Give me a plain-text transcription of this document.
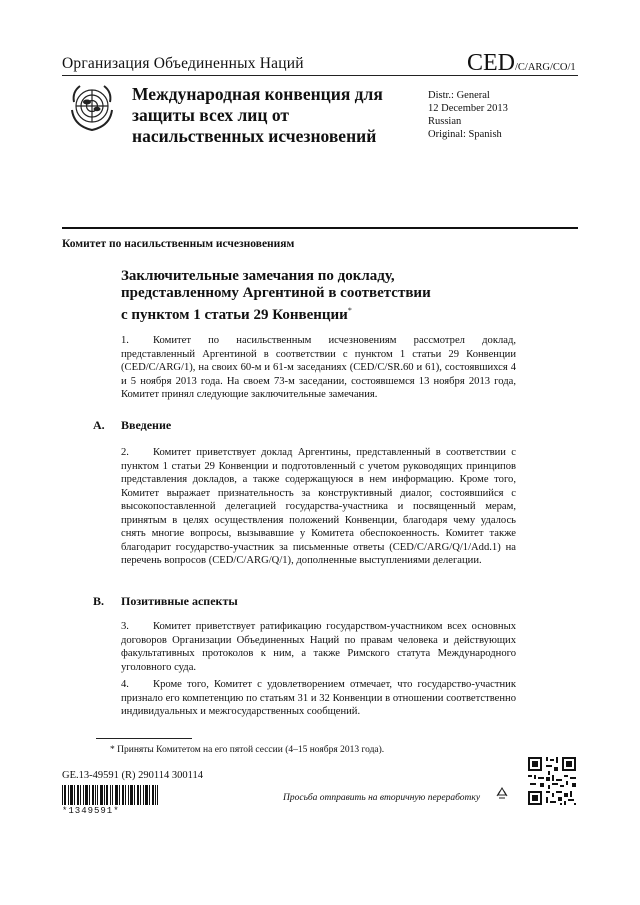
Организация Объединенных Наций	CED/C/ARG/CO/1
Международная конвенция для защиты всех лиц от насильственных исчезновений
Distr.: General
12 December 2013
Russian
Original: Spanish
Комитет по насильственным исчезновениям
Заключительные замечания по докладу,
представленному Аргентиной в соответствии
с пунктом 1 статьи 29 Конвенции*
1. Комитет по насильственным исчезновениям рассмотрел доклад, представленный Аргентиной в соответствии с пунктом 1 статьи 29 Конвенции (CED/C/ARG/1), на своих 60-м и 61-м заседаниях (CED/C/SR.60 и 61), состоявшихся 4 и 5 ноября 2013 года. На своем 73-м заседании, состоявшемся 13 ноября 2013 года, Комитет принял следующие заключительные замечания.
A. Введение
2. Комитет приветствует доклад Аргентины, представленный в соответствии с пунктом 1 статьи 29 Конвенции и подготовленный с учетом руководящих принципов представления докладов, а также содержащуюся в нем информацию. Кроме того, Комитет выражает признательность за конструктивный диалог, состоявшийся с высокопоставленной делегацией государства-участника и посвященный мерам, принятым в целях осуществления положений Конвенции, благодаря чему удалось снять многие вопросы, вызывавшие у Комитета обеспокоенность. Комитет также благодарит государство-участник за письменные ответы (CED/C/ARG/Q/1/Add.1) на перечень вопросов (CED/C/ARG/Q/1), дополненные выступлениями делегации.
B. Позитивные аспекты
3. Комитет приветствует ратификацию государством-участником всех основных договоров Организации Объединенных Наций по правам человека и действующих факультативных протоколов к ним, а также Римского статута Международного уголовного суда.
4. Кроме того, Комитет с удовлетворением отмечает, что государство-участник признало его компетенцию по статьям 31 и 32 Конвенции в отношении соответственно индивидуальных и межгосударственных сообщений.
* Приняты Комитетом на его пятой сессии (4–15 ноября 2013 года).
GE.13-49591 (R) 290114 300114
*1349591*
Просьба отправить на вторичную переработку
